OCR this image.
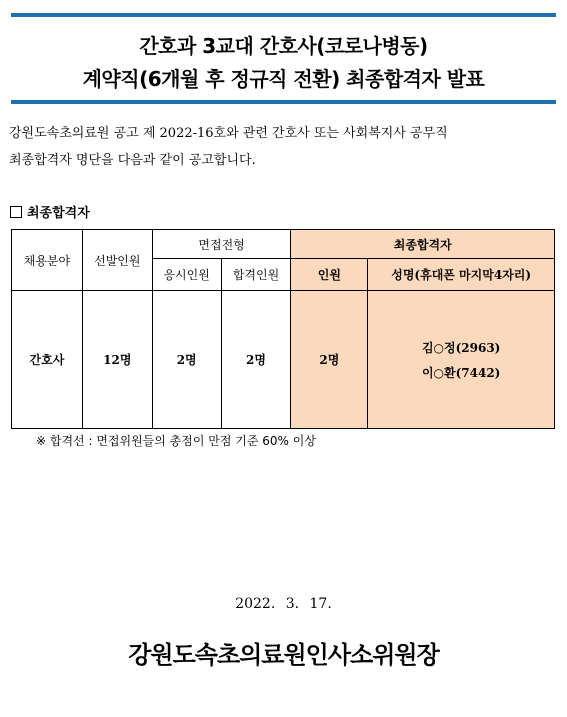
간호과 3교대 간호사(코로나병동)
계약직(6개월 후 정규직 전환) 최종합격자 발표
강원도속초의료원 공고 제 2022-16호와 관련 간호사 또는 사회복지사 공무직
최종합격자 명단을 다음과 같이 공고합니다.
최종합격자
채용분야	선발인원	면접전형		최종합격자	
		응시인원	합격인원	인원	성명(휴대폰 마지막4자리)
간호사	12명	2명	2명	2명	김○정(2963)
이○환(7442)
※ 합격선 : 면접위원들의 총점이 만점 기준 60% 이상
2022. 3. 17.
강원도속초의료원인사소위원장
